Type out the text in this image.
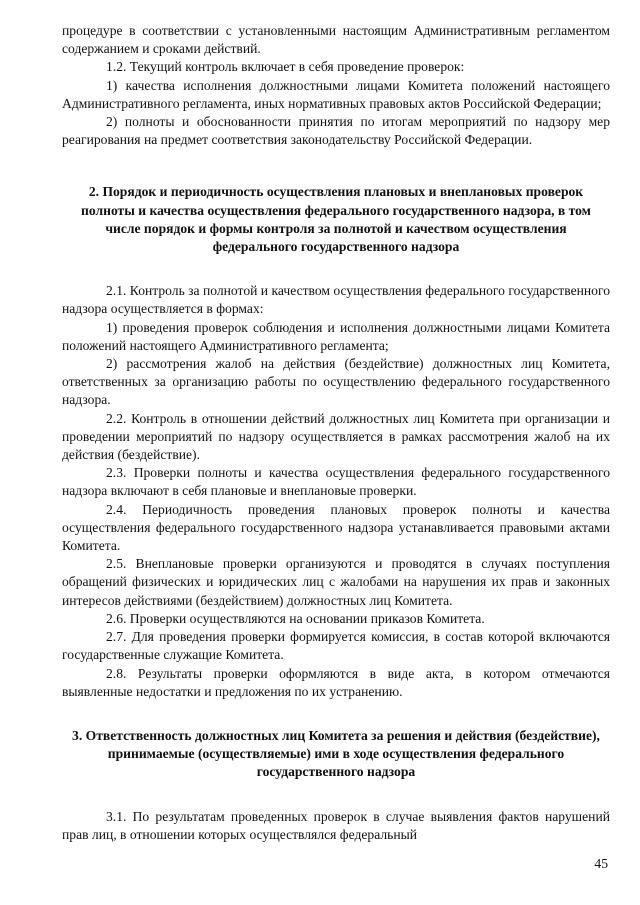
процедуре в соответствии с установленными настоящим Административным регламентом содержанием и сроками действий.

1.2. Текущий контроль включает в себя проведение проверок:

1) качества исполнения должностными лицами Комитета положений настоящего Административного регламента, иных нормативных правовых актов Российской Федерации;

2) полноты и обоснованности принятия по итогам мероприятий по надзору мер реагирования на предмет соответствия законодательству Российской Федерации.

2. Порядок и периодичность осуществления плановых и внеплановых проверок полноты и качества осуществления федерального государственного надзора, в том числе порядок и формы контроля за полнотой и качеством осуществления федерального государственного надзора

2.1. Контроль за полнотой и качеством осуществления федерального государственного надзора осуществляется в формах:

1) проведения проверок соблюдения и исполнения должностными лицами Комитета положений настоящего Административного регламента;

2) рассмотрения жалоб на действия (бездействие) должностных лиц Комитета, ответственных за организацию работы по осуществлению федерального государственного надзора.

2.2. Контроль в отношении действий должностных лиц Комитета при организации и проведении мероприятий по надзору осуществляется в рамках рассмотрения жалоб на их действия (бездействие).

2.3. Проверки полноты и качества осуществления федерального государственного надзора включают в себя плановые и внеплановые проверки.

2.4. Периодичность проведения плановых проверок полноты и качества осуществления федерального государственного надзора устанавливается правовыми актами Комитета.

2.5. Внеплановые проверки организуются и проводятся в случаях поступления обращений физических и юридических лиц с жалобами на нарушения их прав и законных интересов действиями (бездействием) должностных лиц Комитета.

2.6. Проверки осуществляются на основании приказов Комитета.

2.7. Для проведения проверки формируется комиссия, в состав которой включаются государственные служащие Комитета.

2.8. Результаты проверки оформляются в виде акта, в котором отмечаются выявленные недостатки и предложения по их устранению.

3. Ответственность должностных лиц Комитета за решения и действия (бездействие), принимаемые (осуществляемые) ими в ходе осуществления федерального государственного надзора

3.1. По результатам проведенных проверок в случае выявления фактов нарушений прав лиц, в отношении которых осуществлялся федеральный

45
